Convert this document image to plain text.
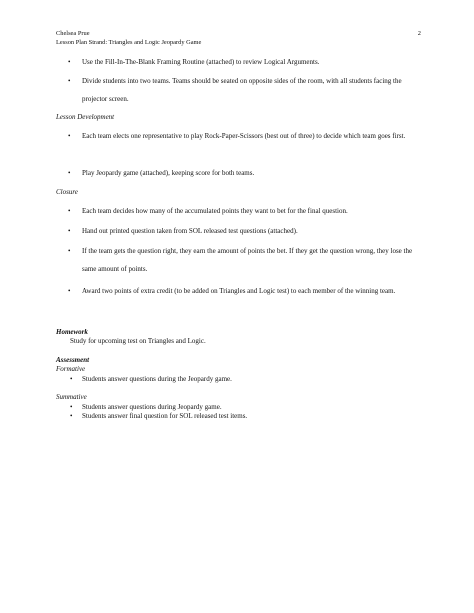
Chelsea Prue
Lesson Plan Strand: Triangles and Logic Jeopardy Game
2
• Use the Fill-In-The-Blank Framing Routine (attached) to review Logical Arguments.
• Divide students into two teams. Teams should be seated on opposite sides of the room, with all students facing the projector screen.
Lesson Development
• Each team elects one representative to play Rock-Paper-Scissors (best out of three) to decide which team goes first.
• Play Jeopardy game (attached), keeping score for both teams.
Closure
• Each team decides how many of the accumulated points they want to bet for the final question.
• Hand out printed question taken from SOL released test questions (attached).
• If the team gets the question right, they earn the amount of points the bet. If they get the question wrong, they lose the same amount of points.
• Award two points of extra credit (to be added on Triangles and Logic test) to each member of the winning team.
Homework
Study for upcoming test on Triangles and Logic.
Assessment
Formative
• Students answer questions during the Jeopardy game.
Summative
• Students answer questions during Jeopardy game.
• Students answer final question for SOL released test items.
